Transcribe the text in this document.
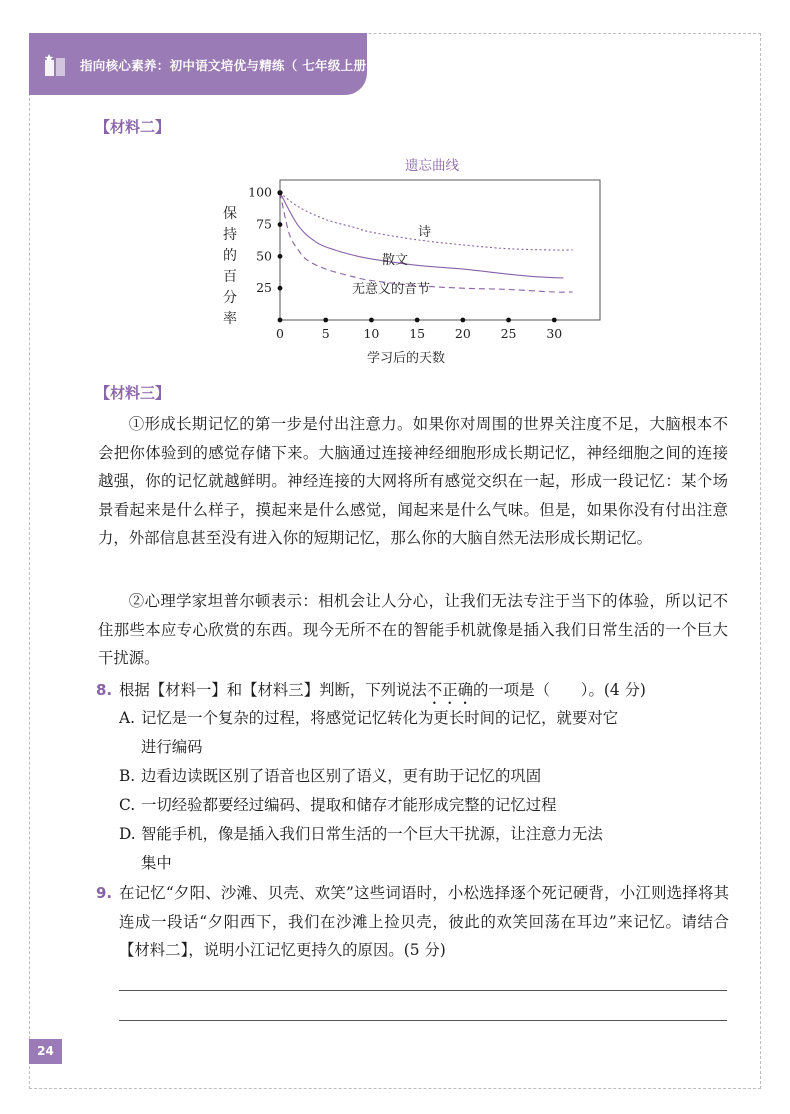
指向核心素养：初中语文培优与精练（ 七年级上册 ）
【材料二】
遗忘曲线
保
持
的
百
分
率
0	5	10 15 20 25 30
25
50
75
100
学习后的天数
诗
散文
无意义的音节
【材料三】

①形成长期记忆的第一步是付出注意力。如果你对周围的世界关注度不足，大脑根本不会把你体验到的感觉存储下来。大脑通过连接神经细胞形成长期记忆，神经细胞之间的连接越强，你的记忆就越鲜明。神经连接的大网将所有感觉交织在一起，形成一段记忆：某个场景看起来是什么样子，摸起来是什么感觉，闻起来是什么气味。但是，如果你没有付出注意力，外部信息甚至没有进入你的短期记忆，那么你的大脑自然无法形成长期记忆。

②心理学家坦普尔顿表示：相机会让人分心，让我们无法专注于当下的体验，所以记不住那些本应专心欣赏的东西。现今无所不在的智能手机就像是插入我们日常生活的一个巨大干扰源。

8. 根据【材料一】和【材料三】判断，下列说法不正确的一项是（　　）。(4 分)

A. 记忆是一个复杂的过程，将感觉记忆转化为更长时间的记忆，就要对它
进行编码
B. 边看边读既区别了语音也区别了语义，更有助于记忆的巩固
C. 一切经验都要经过编码、提取和储存才能形成完整的记忆过程
D. 智能手机，像是插入我们日常生活的一个巨大干扰源，让注意力无法
集中
9. 在记忆“夕阳、沙滩、贝壳、欢笑”这些词语时，小松选择逐个死记硬背，小江则选择将其连成一段话“夕阳西下，我们在沙滩上捡贝壳，彼此的欢笑回荡在耳边”来记忆。请结合【材料二】，说明小江记忆更持久的原因。(5 分)

24
